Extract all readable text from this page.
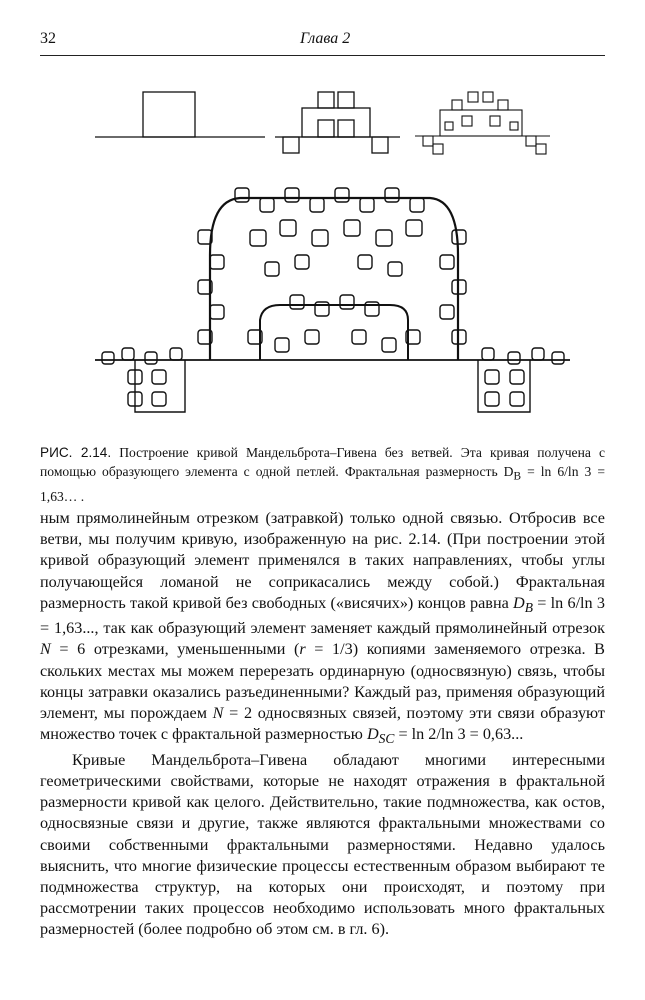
32	Глава 2
РИС. 2.14. Построение кривой Мандельброта–Гивена без ветвей. Эта кривая получена с помощью образующего элемента с одной петлей. Фрактальная размерность $D_B = \ln 6/\ln$ 3 = 1,63… .

ным прямолинейным отрезком (затравкой) только одной связью. Отбросив все ветви, мы получим кривую, изображенную на рис. 2.14. (При построении этой кривой образующий элемент применялся в таких направлениях, чтобы углы получающейся ломаной не соприкасались между собой.) Фрактальная размерность такой кривой без свободных («висячих») концов равна $D_B = \ln 6/\ln$ 3 = 1,63..., так как образующий элемент заменяет каждый прямолинейный отрезок N = 6 отрезками, уменьшенными (r = 1/3) копиями заменяемого отрезка. В скольких местах мы можем перерезать ординарную (односвязную) связь, чтобы концы затравки оказались разъединенными? Каждый раз, применяя образующий элемент, мы порождаем N = 2 односвязных связей, поэтому эти связи образуют множество точек с фрактальной размерностью $D_{SC} = \ln 2/\ln$ 3 = 0,63...

Кривые Мандельброта–Гивена обладают многими интересными геометрическими свойствами, которые не находят отражения в фрактальной размерности кривой как целого. Действительно, такие подмножества, как остов, односвязные связи и другие, также являются фрактальными множествами со своими собственными фрактальными размерностями. Недавно удалось выяснить, что многие физические процессы естественным образом выбирают те подмножества структур, на которых они происходят, и поэтому при рассмотрении таких процессов необходимо использовать много фрактальных размерностей (более подробно об этом см. в гл. 6).
